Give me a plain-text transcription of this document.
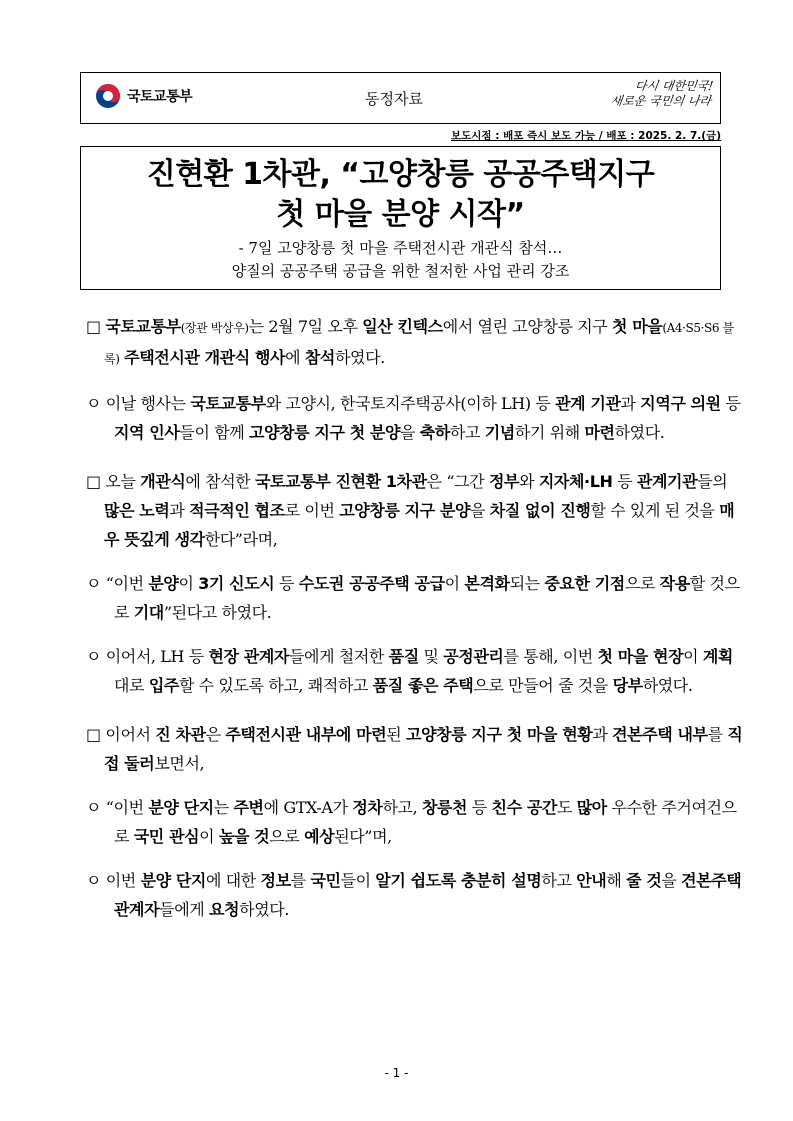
국토교통부	동정자료
다시 대한민국!
새로운 국민의 나라
보도시점 : 배포 즉시 보도 가능 / 배포 : 2025. 2. 7.(금)
진현환 1차관, “고양창릉 공공주택지구
첫 마을 분양 시작”
- 7일 고양창릉 첫 마을 주택전시관 개관식 참석…
양질의 공공주택 공급을 위한 철저한 사업 관리 강조

□ 국토교통부(장관 박상우)는 2월 7일 오후 일산 킨텍스에서 열린 고양창릉 지구 첫 마을(A4·S5·S6 블록) 주택전시관 개관식 행사에 참석하였다.

ㅇ 이날 행사는 국토교통부와 고양시, 한국토지주택공사(이하 LH) 등 관계 기관과 지역구 의원 등 지역 인사들이 함께 고양창릉 지구 첫 분양을 축하하고 기념하기 위해 마련하였다.

□ 오늘 개관식에 참석한 국토교통부 진현환 1차관은 “그간 정부와 지자체·LH 등 관계기관들의 많은 노력과 적극적인 협조로 이번 고양창릉 지구 분양을 차질 없이 진행할 수 있게 된 것을 매우 뜻깊게 생각한다”라며,

ㅇ “이번 분양이 3기 신도시 등 수도권 공공주택 공급이 본격화되는 중요한 기점으로 작용할 것으로 기대”된다고 하였다.

ㅇ 이어서, LH 등 현장 관계자들에게 철저한 품질 및 공정관리를 통해, 이번 첫 마을 현장이 계획대로 입주할 수 있도록 하고, 쾌적하고 품질 좋은 주택으로 만들어 줄 것을 당부하였다.

□ 이어서 진 차관은 주택전시관 내부에 마련된 고양창릉 지구 첫 마을 현황과 견본주택 내부를 직접 둘러보면서,

ㅇ “이번 분양 단지는 주변에 GTX-A가 정차하고, 창릉천 등 친수 공간도 많아 우수한 주거여건으로 국민 관심이 높을 것으로 예상된다”며,

ㅇ 이번 분양 단지에 대한 정보를 국민들이 알기 쉽도록 충분히 설명하고 안내해 줄 것을 견본주택 관계자들에게 요청하였다.

- 1 -
